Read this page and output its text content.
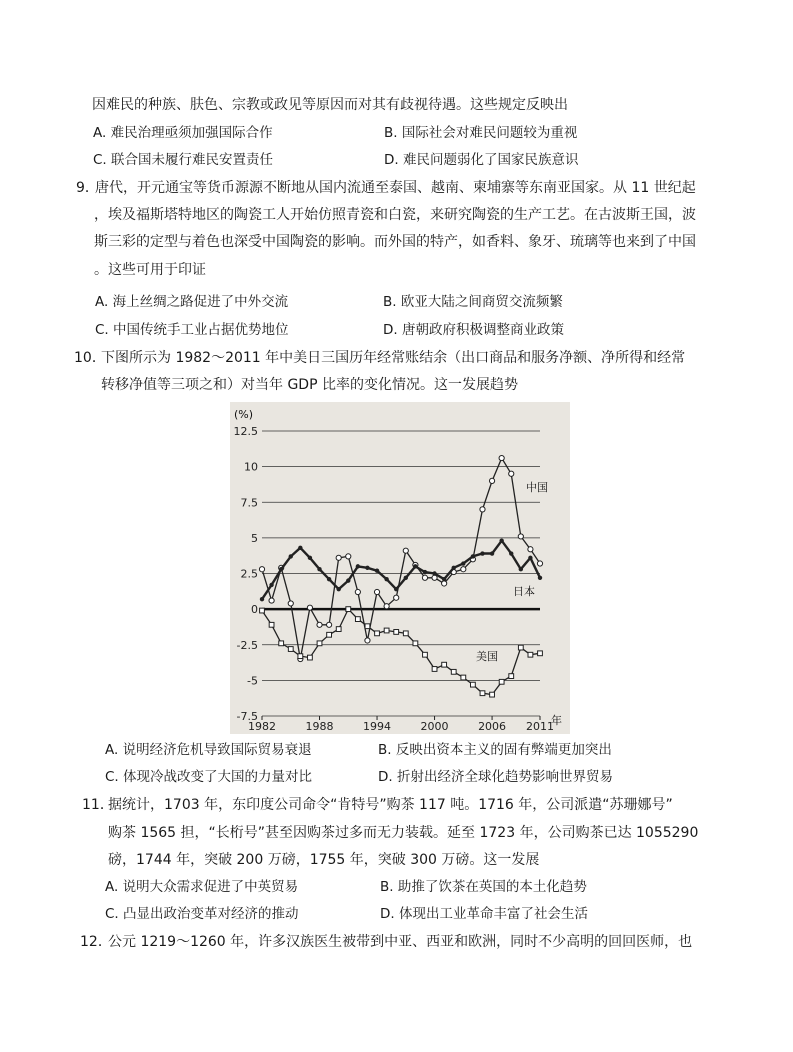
因难民的种族、肤色、宗教或政见等原因而对其有歧视待遇。这些规定反映出
A. 难民治理亟须加强国际合作	B. 国际社会对难民问题较为重视
C. 联合国未履行难民安置责任	D. 难民问题弱化了国家民族意识
9．
唐代，开元通宝等货币源源不断地从国内流通至泰国、越南、柬埔寨等东南亚国家。从 11 世纪起
，埃及福斯塔特地区的陶瓷工人开始仿照青瓷和白瓷，来研究陶瓷的生产工艺。在古波斯王国，波
斯三彩的定型与着色也深受中国陶瓷的影响。而外国的特产，如香料、象牙、琉璃等也来到了中国
。这些可用于印证
A. 海上丝绸之路促进了中外交流	B. 欧亚大陆之间商贸交流频繁
C. 中国传统手工业占据优势地位	D. 唐朝政府积极调整商业政策
10．
下图所示为 1982～2011 年中美日三国历年经常账结余（出口商品和服务净额、净所得和经常
转移净值等三项之和）对当年 GDP 比率的变化情况。这一发展趋势
12.5
10
7.5
5
2.5
0
-2.5
-5
-7.5
1982	1988	1994	2000	2006 2011
(%)
年
中国
日本
美国
A. 说明经济危机导致国际贸易衰退	B. 反映出资本主义的固有弊端更加突出
C. 体现冷战改变了大国的力量对比	D. 折射出经济全球化趋势影响世界贸易
11．
据统计，1703 年，东印度公司命令“肯特号”购茶 117 吨。1716 年，公司派遣“苏珊娜号”
购茶 1565 担，“长桁号”甚至因购茶过多而无力装载。延至 1723 年，公司购茶已达 1055290
磅，1744 年，突破 200 万磅，1755 年，突破 300 万磅。这一发展
A. 说明大众需求促进了中英贸易	B. 助推了饮茶在英国的本土化趋势
C. 凸显出政治变革对经济的推动	D. 体现出工业革命丰富了社会生活
12．
公元 1219～1260 年，许多汉族医生被带到中亚、西亚和欧洲，同时不少高明的回回医师，也
